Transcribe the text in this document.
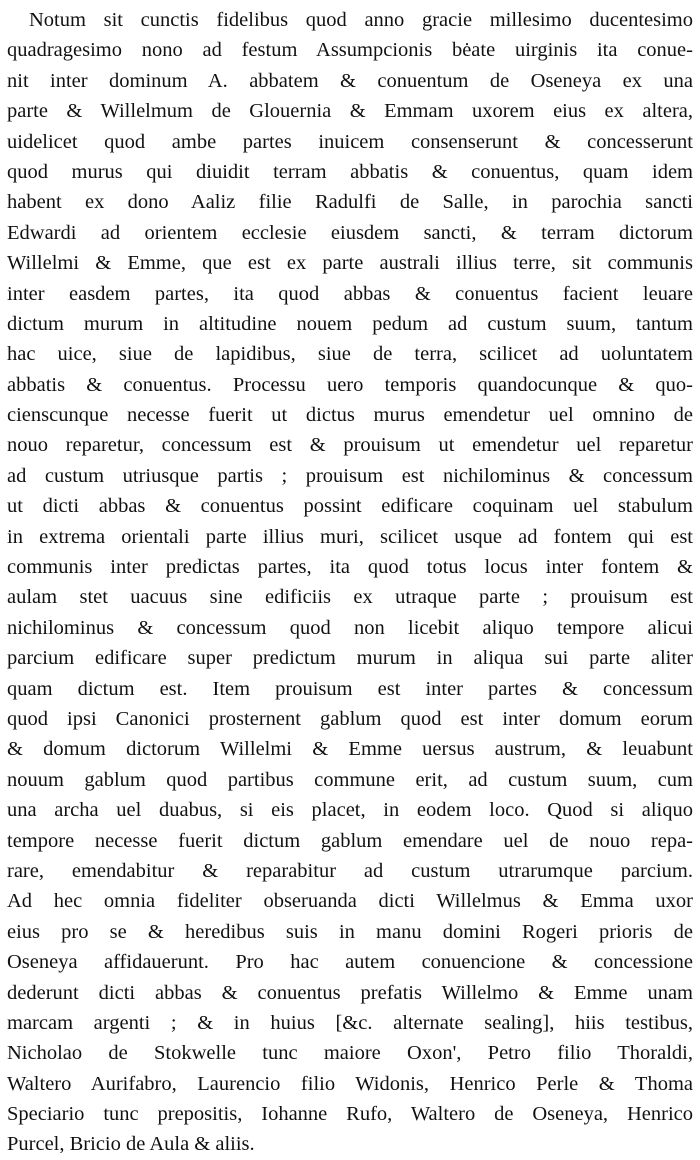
Notum sit cunctis fidelibus quod anno gracie millesimo ducentesimo
quadragesimo nono ad festum Assumpcionis bėate uirginis ita conue-
nit inter dominum A. abbatem & conuentum de Oseneya ex una
parte & Willelmum de Glouernia & Emmam uxorem eius ex altera,
uidelicet quod ambe partes inuicem consenserunt & concesserunt
quod murus qui diuidit terram abbatis & conuentus, quam idem
habent ex dono Aaliz filie Radulfi de Salle, in parochia sancti
Edwardi ad orientem ecclesie eiusdem sancti, & terram dictorum
Willelmi & Emme, que est ex parte australi illius terre, sit communis
inter easdem partes, ita quod abbas & conuentus facient leuare
dictum murum in altitudine nouem pedum ad custum suum, tantum
hac uice, siue de lapidibus, siue de terra, scilicet ad uoluntatem
abbatis & conuentus. Processu uero temporis quandocunque & quo-
cienscunque necesse fuerit ut dictus murus emendetur uel omnino de
nouo reparetur, concessum est & prouisum ut emendetur uel reparetur
ad custum utriusque partis ; prouisum est nichilominus & concessum
ut dicti abbas & conuentus possint edificare coquinam uel stabulum
in extrema orientali parte illius muri, scilicet usque ad fontem qui est
communis inter predictas partes, ita quod totus locus inter fontem &
aulam stet uacuus sine edificiis ex utraque parte ; prouisum est
nichilominus & concessum quod non licebit aliquo tempore alicui
parcium edificare super predictum murum in aliqua sui parte aliter
quam dictum est. Item prouisum est inter partes & concessum
quod ipsi Canonici prosternent gablum quod est inter domum eorum
& domum dictorum Willelmi & Emme uersus austrum, & leuabunt
nouum gablum quod partibus commune erit, ad custum suum, cum
una archa uel duabus, si eis placet, in eodem loco. Quod si aliquo
tempore necesse fuerit dictum gablum emendare uel de nouo repa-
rare, emendabitur & reparabitur ad custum utrarumque parcium.
Ad hec omnia fideliter obseruanda dicti Willelmus & Emma uxor
eius pro se & heredibus suis in manu domini Rogeri prioris de
Oseneya affidauerunt. Pro hac autem conuencione & concessione
dederunt dicti abbas & conuentus prefatis Willelmo & Emme unam
marcam argenti ; & in huius [&c. alternate sealing], hiis testibus,
Nicholao de Stokwelle tunc maiore Oxon', Petro filio Thoraldi,
Waltero Aurifabro, Laurencio filio Widonis, Henrico Perle & Thoma
Speciario tunc prepositis, Iohanne Rufo, Waltero de Oseneya, Henrico
Purcel, Bricio de Aula & aliis.
